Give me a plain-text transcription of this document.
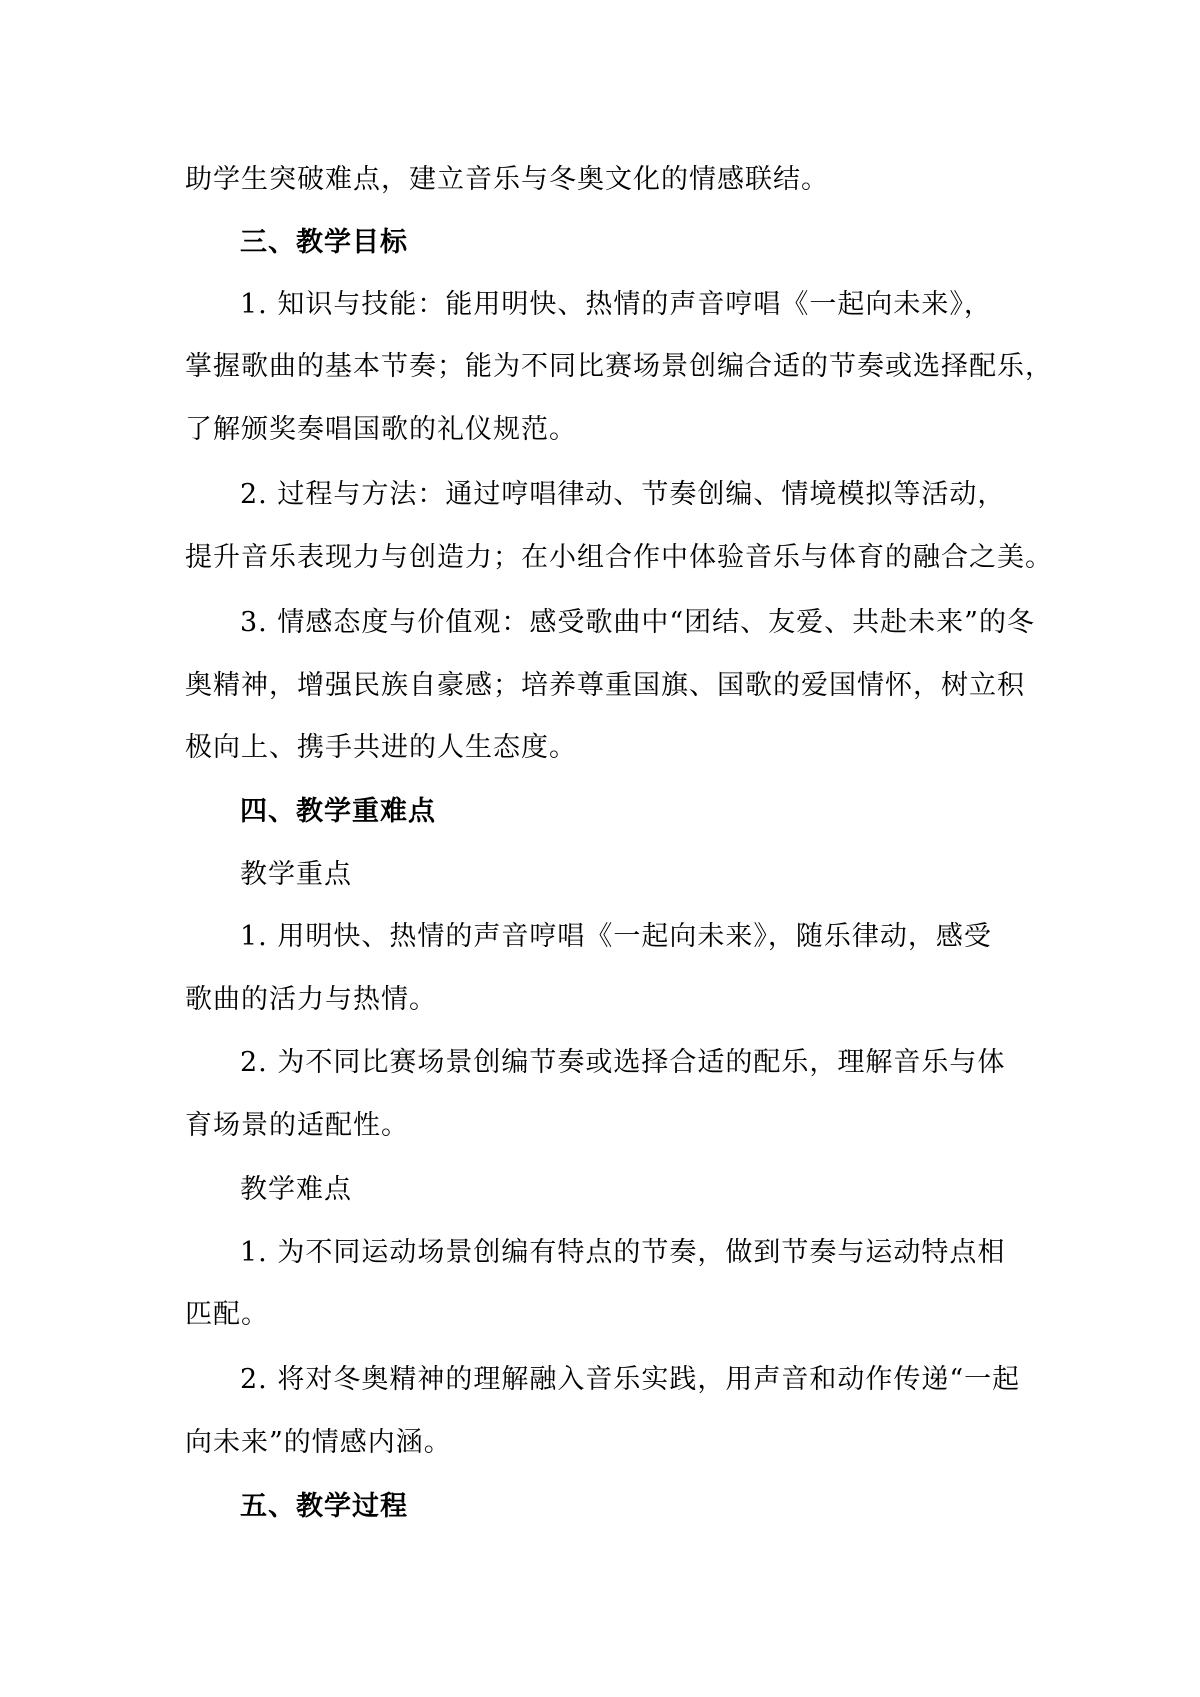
助学生突破难点，建立音乐与冬奥文化的情感联结。
三、教学目标
1. 知识与技能：能用明快、热情的声音哼唱《一起向未来》，
掌握歌曲的基本节奏；能为不同比赛场景创编合适的节奏或选择配乐，
了解颁奖奏唱国歌的礼仪规范。
2. 过程与方法：通过哼唱律动、节奏创编、情境模拟等活动，
提升音乐表现力与创造力；在小组合作中体验音乐与体育的融合之美。
3. 情感态度与价值观：感受歌曲中“团结、友爱、共赴未来”的冬
奥精神，增强民族自豪感；培养尊重国旗、国歌的爱国情怀，树立积
极向上、携手共进的人生态度。
四、教学重难点
教学重点
1. 用明快、热情的声音哼唱《一起向未来》，随乐律动，感受
歌曲的活力与热情。
2. 为不同比赛场景创编节奏或选择合适的配乐，理解音乐与体
育场景的适配性。
教学难点
1. 为不同运动场景创编有特点的节奏，做到节奏与运动特点相
匹配。
2. 将对冬奥精神的理解融入音乐实践，用声音和动作传递“一起
向未来”的情感内涵。
五、教学过程
